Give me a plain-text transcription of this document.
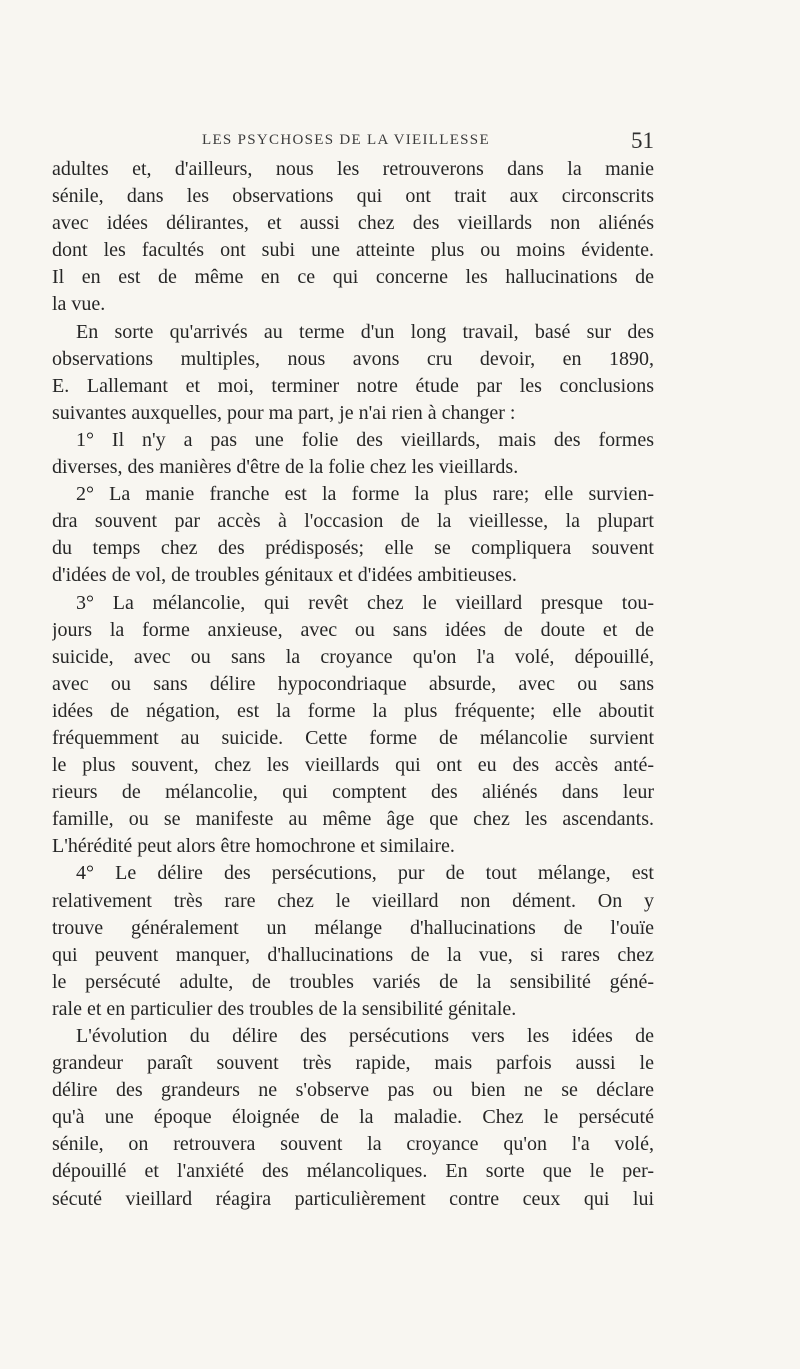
LES PSYCHOSES DE LA VIEILLESSE	51
adultes et, d'ailleurs, nous les retrouverons dans la manie
sénile, dans les observations qui ont trait aux circonscrits
avec idées délirantes, et aussi chez des vieillards non aliénés
dont les facultés ont subi une atteinte plus ou moins évidente.
Il en est de même en ce qui concerne les hallucinations de
la vue.
En sorte qu'arrivés au terme d'un long travail, basé sur des
observations multiples, nous avons cru devoir, en 1890,
E. Lallemant et moi, terminer notre étude par les conclusions
suivantes auxquelles, pour ma part, je n'ai rien à changer :
1° Il n'y a pas une folie des vieillards, mais des formes
diverses, des manières d'être de la folie chez les vieillards.
2° La manie franche est la forme la plus rare; elle survien-
dra souvent par accès à l'occasion de la vieillesse, la plupart
du temps chez des prédisposés; elle se compliquera souvent
d'idées de vol, de troubles génitaux et d'idées ambitieuses.
3° La mélancolie, qui revêt chez le vieillard presque tou-
jours la forme anxieuse, avec ou sans idées de doute et de
suicide, avec ou sans la croyance qu'on l'a volé, dépouillé,
avec ou sans délire hypocondriaque absurde, avec ou sans
idées de négation, est la forme la plus fréquente; elle aboutit
fréquemment au suicide. Cette forme de mélancolie survient
le plus souvent, chez les vieillards qui ont eu des accès anté-
rieurs de mélancolie, qui comptent des aliénés dans leur
famille, ou se manifeste au même âge que chez les ascendants.
L'hérédité peut alors être homochrone et similaire.
4° Le délire des persécutions, pur de tout mélange, est
relativement très rare chez le vieillard non dément. On y
trouve généralement un mélange d'hallucinations de l'ouïe
qui peuvent manquer, d'hallucinations de la vue, si rares chez
le persécuté adulte, de troubles variés de la sensibilité géné-
rale et en particulier des troubles de la sensibilité génitale.
L'évolution du délire des persécutions vers les idées de
grandeur paraît souvent très rapide, mais parfois aussi le
délire des grandeurs ne s'observe pas ou bien ne se déclare
qu'à une époque éloignée de la maladie. Chez le persécuté
sénile, on retrouvera souvent la croyance qu'on l'a volé,
dépouillé et l'anxiété des mélancoliques. En sorte que le per-
sécuté vieillard réagira particulièrement contre ceux qui lui
